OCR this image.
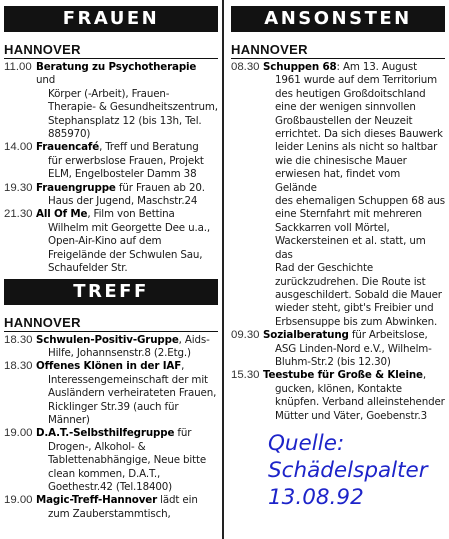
FRAUEN
HANNOVER
11.00 Beratung zu Psychotherapie und
Körper (-Arbeit), Frauen-
Therapie- & Gesundheitszentrum,
Stephansplatz 12 (bis 13h, Tel.
885970)
14.00 Frauencafé, Treff und Beratung
für erwerbslose Frauen, Projekt
ELM, Engelbosteler Damm 38
19.30 Frauengruppe für Frauen ab 20.
Haus der Jugend, Maschstr.24
21.30 All Of Me, Film von Bettina
Wilhelm mit Georgette Dee u.a.,
Open-Air-Kino auf dem
Freigelände der Schwulen Sau,
Schaufelder Str.
TREFF
HANNOVER
18.30 Schwulen-Positiv-Gruppe, Aids-
Hilfe, Johannsenstr.8 (2.Etg.)
18.30 Offenes Klönen in der IAF,
Interessengemeinschaft der mit
Ausländern verheirateten Frauen,
Ricklinger Str.39 (auch für
Männer)
19.00 D.A.T.-Selbsthilfegruppe für
Drogen-, Alkohol- &
Tablettenabhängige, Neue bitte
clean kommen, D.A.T.,
Goethestr.42 (Tel.18400)
19.00 Magic-Treff-Hannover lädt ein
zum Zauberstammtisch,
ANSONSTEN
HANNOVER
08.30 Schuppen 68: Am 13. August
1961 wurde auf dem Territorium
des heutigen Großdoitschland
eine der wenigen sinnvollen
Großbaustellen der Neuzeit
errichtet. Da sich dieses Bauwerk
leider Lenins als nicht so haltbar
wie die chinesische Mauer
erwiesen hat, findet vom Gelände
des ehemaligen Schuppen 68 aus
eine Sternfahrt mit mehreren
Sackkarren voll Mörtel,
Wackersteinen et al. statt, um das
Rad der Geschichte
zurückzudrehen. Die Route ist
ausgeschildert. Sobald die Mauer
wieder steht, gibt's Freibier und
Erbsensuppe bis zum Abwinken.
09.30 Sozialberatung für Arbeitslose,
ASG Linden-Nord e.V., Wilhelm-
Bluhm-Str.2 (bis 12.30)
15.30 Teestube für Große & Kleine,
gucken, klönen, Kontakte
knüpfen. Verband alleinstehender
Mütter und Väter, Goebenstr.3
Quelle:
Schädelspalter
13.08.92
